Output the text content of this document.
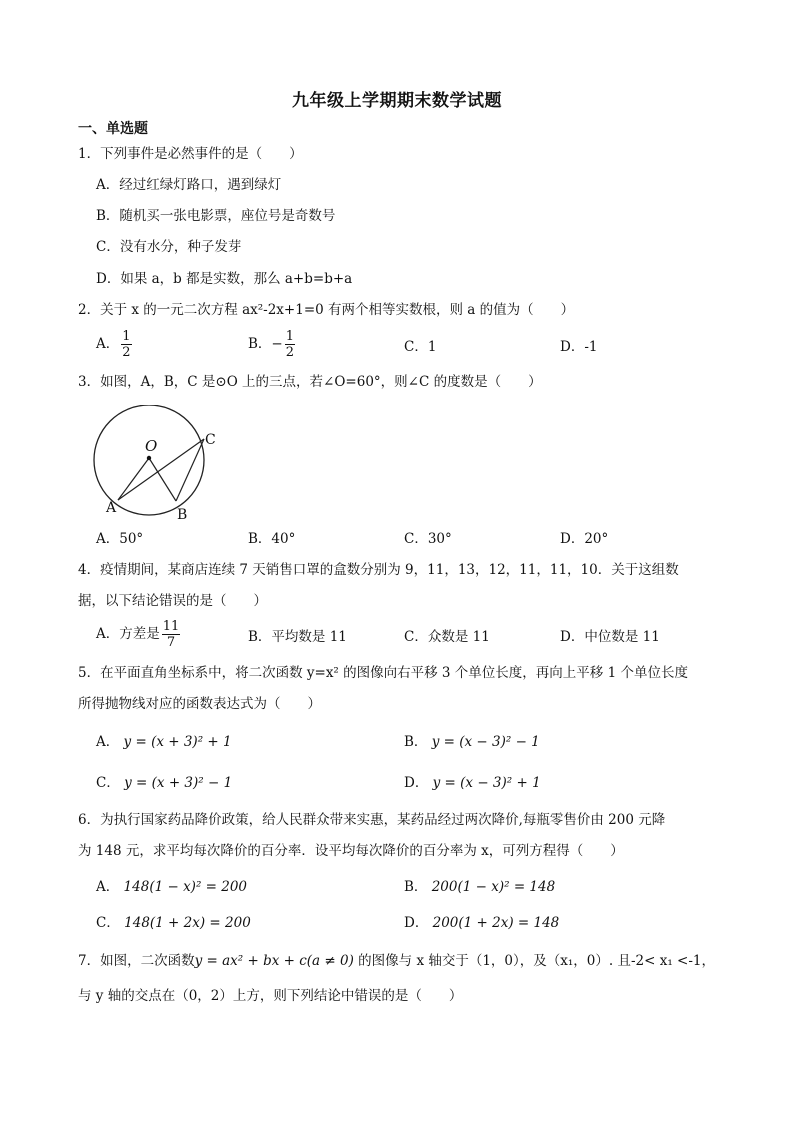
九年级上学期期末数学试题
一、单选题
1．下列事件是必然事件的是（　　）
A．经过红绿灯路口，遇到绿灯
B．随机买一张电影票，座位号是奇数号
C．没有水分，种子发芽
D．如果 a，b 都是实数，那么 a+b=b+a
2．关于 x 的一元二次方程 ax²-2x+1=0 有两个相等实数根，则 a 的值为（　　）
A． $\frac{1}{2}$	B．− $\frac{1}{2}$	C．1	D．-1
3．如图，A，B，C 是⊙O 上的三点，若∠O=60°，则∠C 的度数是（　　）
O
A	B
C
A．50°	B．40°	C．30°	D．20°
4．疫情期间，某商店连续 7 天销售口罩的盒数分别为 9，11，13，12，11，11，10．关于这组数
据，以下结论错误的是（　　）
A．方差是 $\frac{11}{7}$	B．平均数是 11	C．众数是 11	D．中位数是 11
5．在平面直角坐标系中，将二次函数 y=x² 的图像向右平移 3 个单位长度，再向上平移 1 个单位长度
所得抛物线对应的函数表达式为（　　）
A． y = (x + 3)² + 1	B． y = (x − 3)² − 1
C． y = (x + 3)² − 1	D． y = (x − 3)² + 1
6．为执行国家药品降价政策，给人民群众带来实惠，某药品经过两次降价,每瓶零售价由 200 元降
为 148 元，求平均每次降价的百分率．设平均每次降价的百分率为 x，可列方程得（　　）
A． 148(1 − x)² = 200	B． 200(1 − x)² = 148
C． 148(1 + 2x) = 200	D． 200(1 + 2x) = 148
7．如图，二次函数y = ax² + bx + c(a ≠ 0) 的图像与 x 轴交于（1，0），及（x₁，0）. 且-2< x₁ <-1，
与 y 轴的交点在（0，2）上方，则下列结论中错误的是（　　）
